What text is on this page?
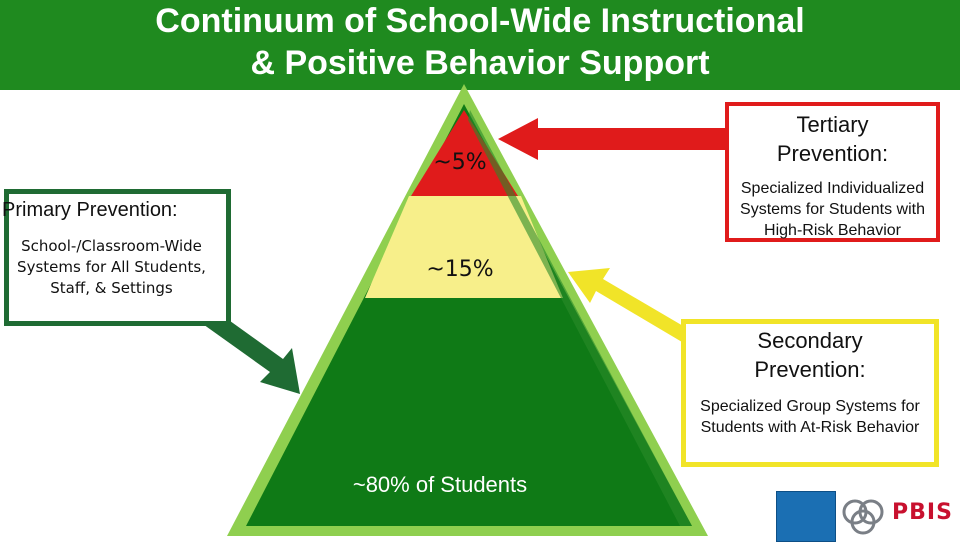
Continuum of School-Wide Instructional
& Positive Behavior Support
Primary Prevention:
School-/Classroom-Wide Systems for All Students, Staff, & Settings
Tertiary
Prevention:
Specialized Individualized Systems for Students with High-Risk Behavior
Secondary
Prevention:
Specialized Group Systems for Students with At-Risk Behavior
~5%
~15%
~80% of Students
PBIS
